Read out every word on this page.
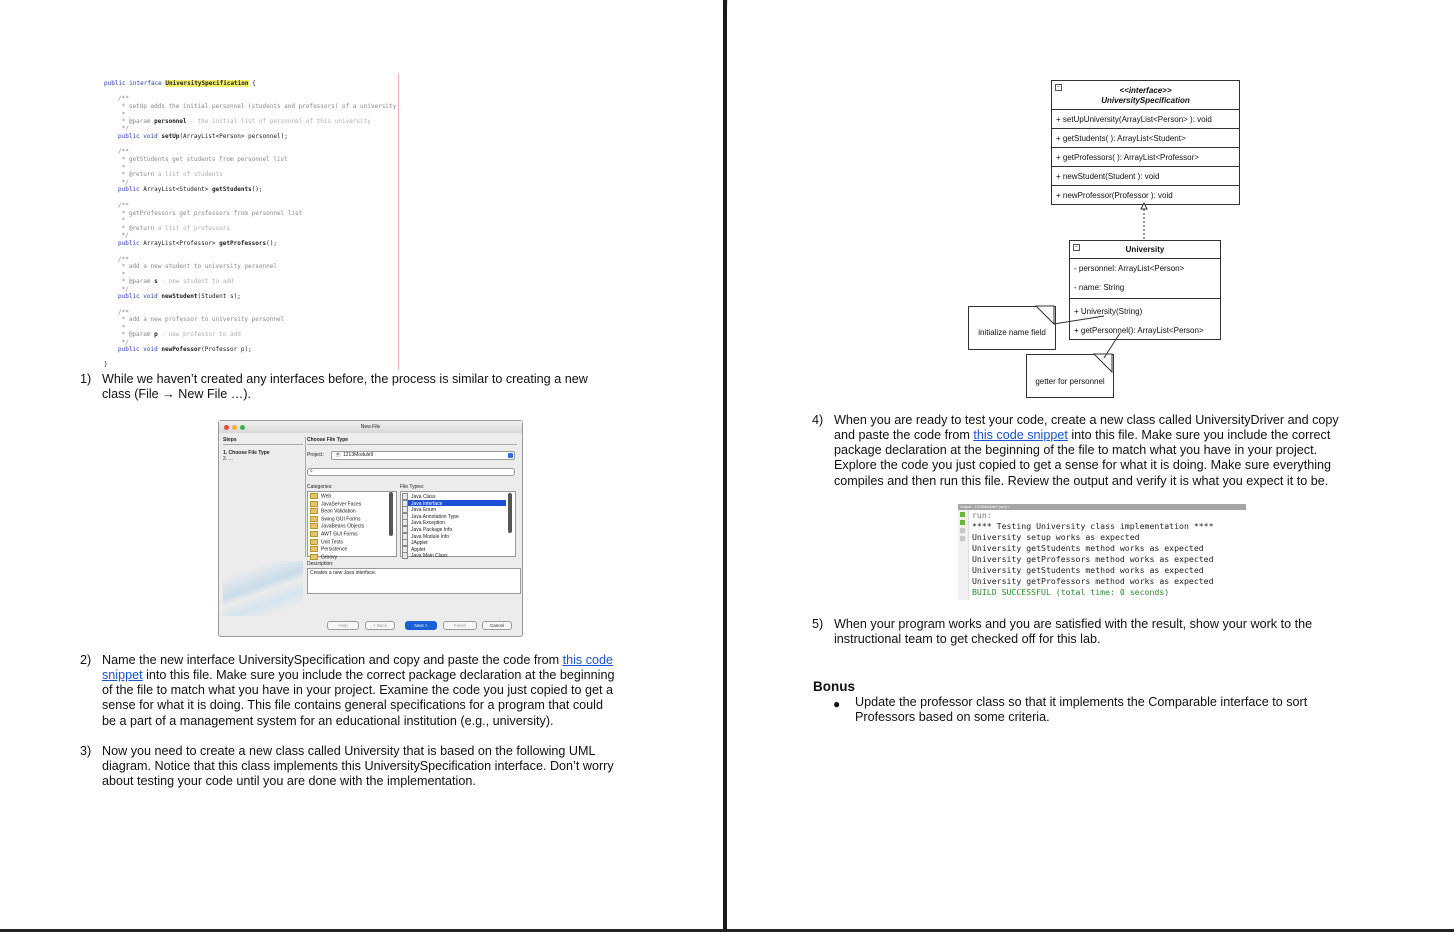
public interface UniversitySpecification {
/**
* setUp adds the initial personnel (students and professors) of a university
*
* @param personnel - the initial list of personnel of this university
*/
public void setUp(ArrayList<Person> personnel);
/**
* getStudents get students from personnel list
*
* @return a list of students
*/
public ArrayList<Student> getStudents();
/**
* getProfessors get professors from personnel list
*
* @return a list of professors
*/
public ArrayList<Professor> getProfessors();
/**
* add a new student to university personnel
*
* @param s - new student to add
*/
public void newStudent(Student s);
/**
* add a new professor to university personnel
*
* @param p - new professor to add
*/
public void newPofessor(Professor p);
}
1) While we haven’t created any interfaces before, the process is similar to creating a new
class (File → New File …).
New File
Steps
1. Choose File Type
2. ...
Choose File Type
Project: ☕ 1213Module9
⌕
Categories:
Web
JavaServer Faces
Bean Validation
Swing GUI Forms
JavaBeans Objects
AWT GUI Forms
Unit Tests
Persistence
Groovy
File Types:
Java Class
Java Interface
Java Enum
Java Annotation Type
Java Exception
Java Package Info
Java Module Info
JApplet
Applet
Java Main Class
Description:
Creates a new Java interface.
Help	< Back	Next >	Finish	Cancel
2) Name the new interface UniversitySpecification and copy and paste the code from this code
snippet into this file. Make sure you include the correct package declaration at the beginning
of the file to match what you have in your project. Examine the code you just copied to get a
sense for what it is doing. This file contains general specifications for a program that could
be a part of a management system for an educational institution (e.g., university).
3) Now you need to create a new class called University that is based on the following UML
diagram. Notice that this class implements this UniversitySpecification interface. Don’t worry
about testing your code until you are done with the implementation.
−	<<interface>>
UniversitySpecification
+ setUpUniversity(ArrayList<Person> ): void
+ getStudents( ): ArrayList<Student>
+ getProfessors( ): ArrayList<Professor>
+ newStudent(Student ): void
+ newProfessor(Professor ): void
−	University
- personnel: ArrayList<Person>
- name: String
+ University(String)
+ getPersonnel(): ArrayList<Person>
initialize name field
getter for personnel
4) When you are ready to test your code, create a new class called UniversityDriver and copy
and paste the code from this code snippet into this file. Make sure you include the correct
package declaration at the beginning of the file to match what you have in your project.
Explore the code you just copied to get a sense for what it is doing. Make sure everything
compiles and then run this file. Review the output and verify it is what you expect it to be.
Output - 1213Module9 (run) ×
run:
**** Testing University class implementation ****
University setup works as expected
University getStudents method works as expected
University getProfessors method works as expected
University getStudents method works as expected
University getProfessors method works as expected
BUILD SUCCESSFUL (total time: 0 seconds)
5) When your program works and you are satisfied with the result, show your work to the
instructional team to get checked off for this lab.
Bonus
● Update the professor class so that it implements the Comparable interface to sort
Professors based on some criteria.
